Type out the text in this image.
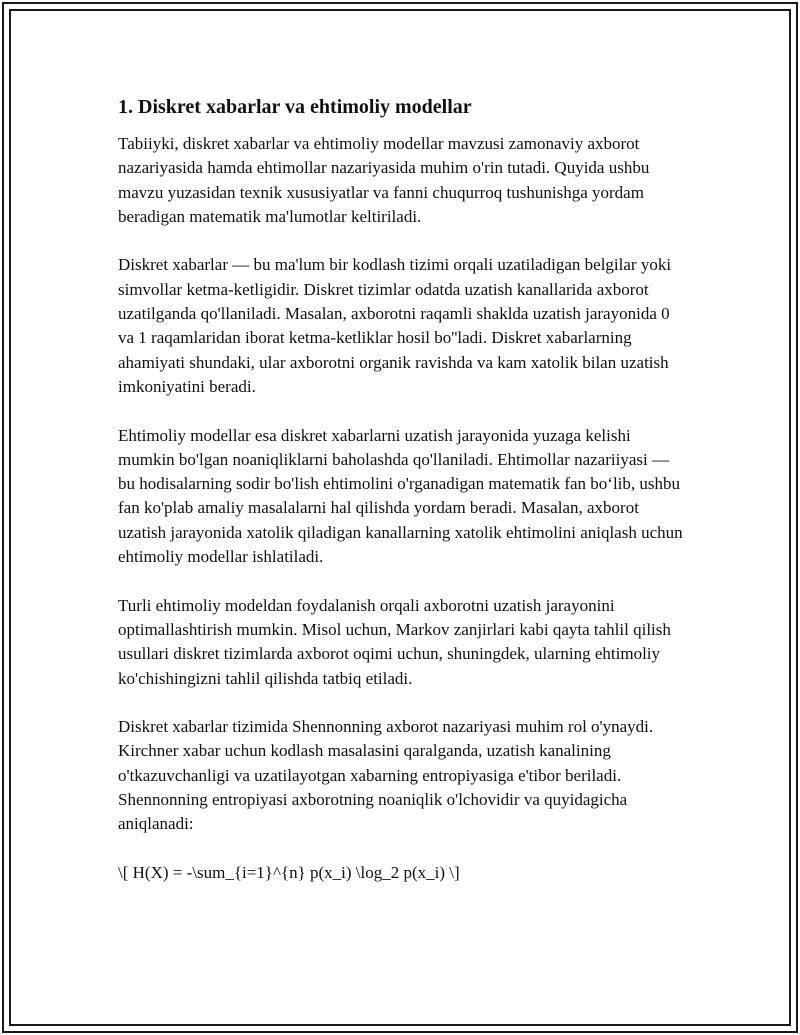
1. Diskret xabarlar va ehtimoliy modellar

Tabiiyki, diskret xabarlar va ehtimoliy modellar mavzusi zamonaviy axborot nazariyasida hamda ehtimollar nazariyasida muhim o'rin tutadi. Quyida ushbu mavzu yuzasidan texnik xususiyatlar va fanni chuqurroq tushunishga yordam beradigan matematik ma'lumotlar keltiriladi.

Diskret xabarlar — bu ma'lum bir kodlash tizimi orqali uzatiladigan belgilar yoki simvollar ketma-ketligidir. Diskret tizimlar odatda uzatish kanallarida axborot uzatilganda qo'llaniladi. Masalan, axborotni raqamli shaklda uzatish jarayonida 0 va 1 raqamlaridan iborat ketma-ketliklar hosil bo''ladi. Diskret xabarlarning ahamiyati shundaki, ular axborotni organik ravishda va kam xatolik bilan uzatish imkoniyatini beradi.

Ehtimoliy modellar esa diskret xabarlarni uzatish jarayonida yuzaga kelishi mumkin bo'lgan noaniqliklarni baholashda qo'llaniladi. Ehtimollar nazariiyasi — bu hodisalarning sodir bo'lish ehtimolini o'rganadigan matematik fan bo‘lib, ushbu fan ko'plab amaliy masalalarni hal qilishda yordam beradi. Masalan, axborot uzatish jarayonida xatolik qiladigan kanallarning xatolik ehtimolini aniqlash uchun ehtimoliy modellar ishlatiladi.

Turli ehtimoliy modeldan foydalanish orqali axborotni uzatish jarayonini optimallashtirish mumkin. Misol uchun, Markov zanjirlari kabi qayta tahlil qilish usullari diskret tizimlarda axborot oqimi uchun, shuningdek, ularning ehtimoliy ko'chishingizni tahlil qilishda tatbiq etiladi.

Diskret xabarlar tizimida Shennonning axborot nazariyasi muhim rol o'ynaydi. Kirchner xabar uchun kodlash masalasini qaralganda, uzatish kanalining o'tkazuvchanligi va uzatilayotgan xabarning entropiyasiga e'tibor beriladi. Shennonning entropiyasi axborotning noaniqlik o'lchovidir va quyidagicha aniqlanadi:

\[ H(X) = -\sum_{i=1}^{n} p(x_i) \log_2 p(x_i) \]
